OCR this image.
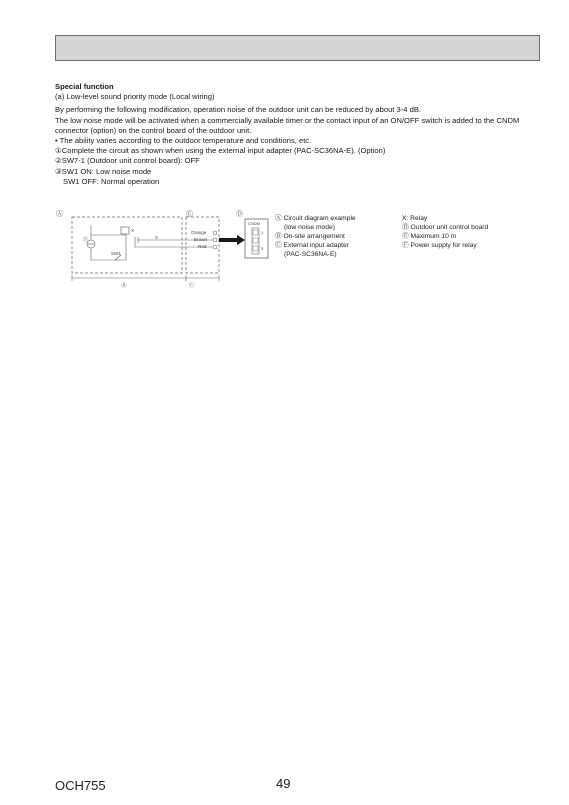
Special function

(a) Low-level sound priority mode (Local wiring)

By performing the following modification, operation noise of the outdoor unit can be reduced by about 3-4 dB.

The low noise mode will be activated when a commercially available timer or the contact input of an ON/OFF switch is added to the CNDM connector (option) on the control board of the outdoor unit.

• The ability varies according to the outdoor temperature and conditions, etc.

①Complete the circuit as shown when using the external input adapter (PAC-SC36NA-E). (Option)

②SW7-1 (Outdoor unit control board): OFF

③SW1 ON: Low noise mode

SW1 OFF: Normal operation

Ⓐ	Ⓒ	Ⓓ
Ⓕ
X
SW1
X
Orange
Brown
Red
CNDM
1
3
Ⓑ	Ⓒ

Ⓐ Circuit diagram example

(low noise mode)

Ⓑ On-site arrangement

Ⓒ External input adapter

(PAC-SC36NA-E)

X: Relay

Ⓓ Outdoor unit control board

Ⓔ Maximum 10 m

Ⓕ Power supply for relay

OCH755	49
